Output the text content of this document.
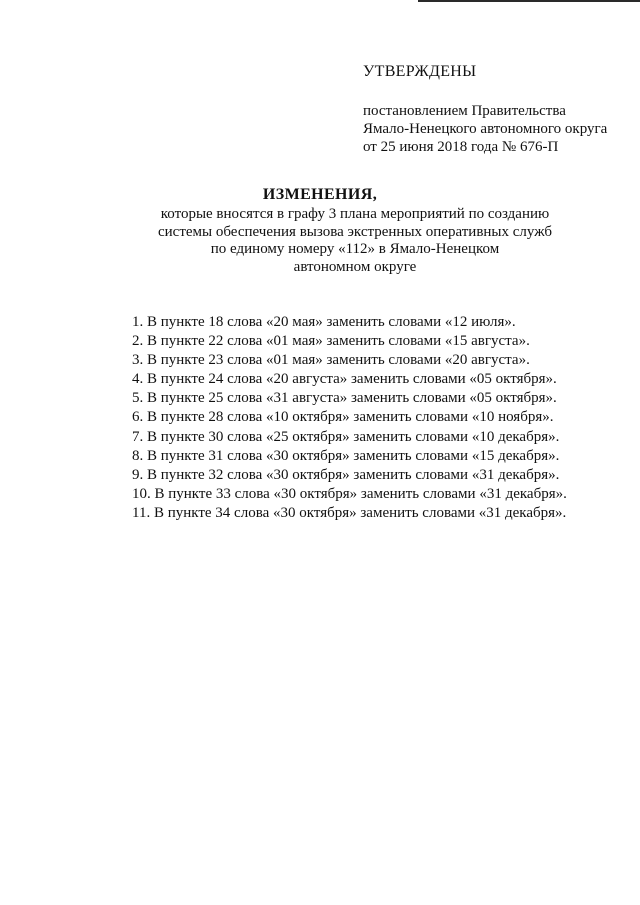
УТВЕРЖДЕНЫ
постановлением Правительства
Ямало-Ненецкого автономного округа
от 25 июня 2018 года № 676-П
ИЗМЕНЕНИЯ,
которые вносятся в графу 3 плана мероприятий по созданию
системы обеспечения вызова экстренных оперативных служб
по единому номеру «112» в Ямало-Ненецком
автономном округе
1. В пункте 18 слова «20 мая» заменить словами «12 июля».
2. В пункте 22 слова «01 мая» заменить словами «15 августа».
3. В пункте 23 слова «01 мая» заменить словами «20 августа».
4. В пункте 24 слова «20 августа» заменить словами «05 октября».
5. В пункте 25 слова «31 августа» заменить словами «05 октября».
6. В пункте 28 слова «10 октября» заменить словами «10 ноября».
7. В пункте 30 слова «25 октября» заменить словами «10 декабря».
8. В пункте 31 слова «30 октября» заменить словами «15 декабря».
9. В пункте 32 слова «30 октября» заменить словами «31 декабря».
10. В пункте 33 слова «30 октября» заменить словами «31 декабря».
11. В пункте 34 слова «30 октября» заменить словами «31 декабря».
